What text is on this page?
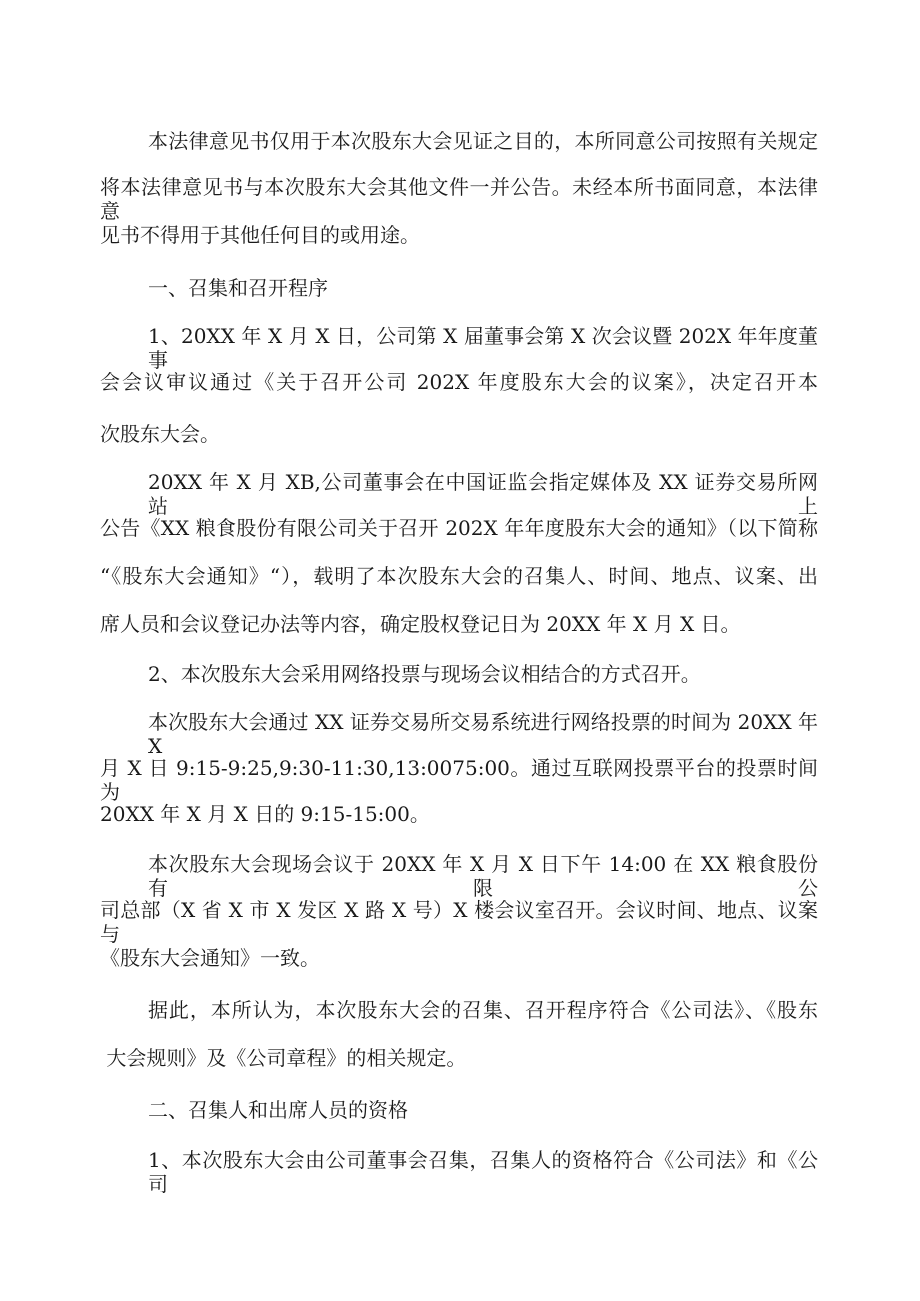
本法律意见书仅用于本次股东大会见证之目的，本所同意公司按照有关规定
将本法律意见书与本次股东大会其他文件一并公告。未经本所书面同意，本法律意
见书不得用于其他任何目的或用途。
一、召集和召开程序
1、20XX 年 X 月 X 日，公司第 X 届董事会第 X 次会议暨 202X 年年度董事
会会议审议通过《关于召开公司 202X 年度股东大会的议案》，决定召开本
次股东大会。
20XX 年 X 月 XB,公司董事会在中国证监会指定媒体及 XX 证券交易所网站上
公告《XX 粮食股份有限公司关于召开 202X 年年度股东大会的通知》（以下简称
“《股东大会通知》“），载明了本次股东大会的召集人、时间、地点、议案、出
席人员和会议登记办法等内容，确定股权登记日为 20XX 年 X 月 X 日。
2、本次股东大会采用网络投票与现场会议相结合的方式召开。
本次股东大会通过 XX 证券交易所交易系统进行网络投票的时间为 20XX 年 X
月 X 日 9:15-9:25,9:30-11:30,13:0075:00。通过互联网投票平台的投票时间为
20XX 年 X 月 X 日的 9:15-15:00。
本次股东大会现场会议于 20XX 年 X 月 X 日下午 14:00 在 XX 粮食股份有限公
司总部（X 省 X 市 X 发区 X 路 X 号）X 楼会议室召开。会议时间、地点、议案与
《股东大会通知》一致。
据此，本所认为，本次股东大会的召集、召开程序符合《公司法》、《股东
大会规则》及《公司章程》的相关规定。
二、召集人和出席人员的资格
1、本次股东大会由公司董事会召集，召集人的资格符合《公司法》和《公司
